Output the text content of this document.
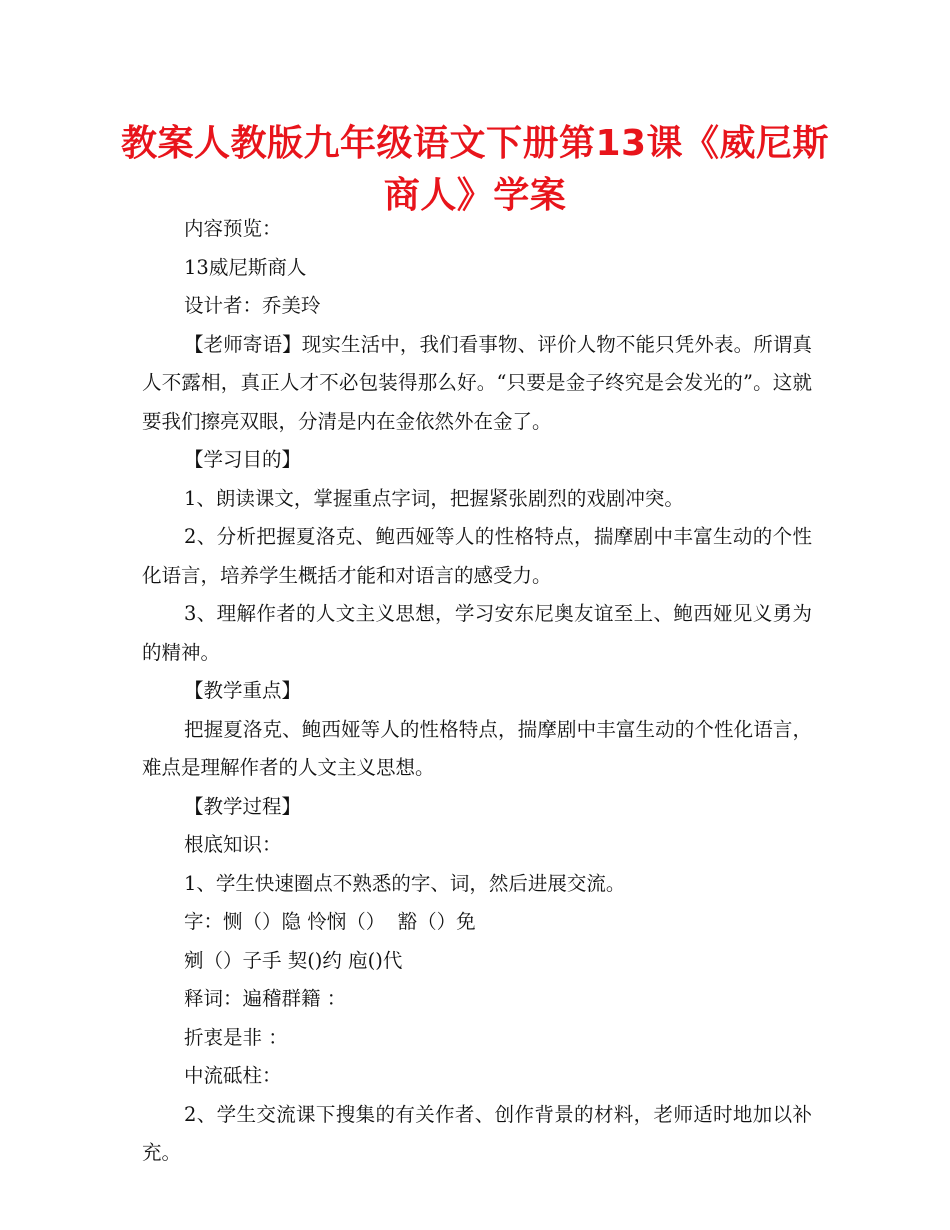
教案人教版九年级语文下册第13课《威尼斯商人》学案

内容预览：

13威尼斯商人

设计者：乔美玲

【老师寄语】现实生活中，我们看事物、评价人物不能只凭外表。所谓真人不露相，真正人才不必包装得那么好。“只要是金子终究是会发光的”。这就要我们擦亮双眼，分清是内在金依然外在金了。

【学习目的】

1、朗读课文，掌握重点字词，把握紧张剧烈的戏剧冲突。

2、分析把握夏洛克、鲍西娅等人的性格特点，揣摩剧中丰富生动的个性化语言，培养学生概括才能和对语言的感受力。

3、理解作者的人文主义思想，学习安东尼奥友谊至上、鲍西娅见义勇为的精神。

【教学重点】

把握夏洛克、鲍西娅等人的性格特点，揣摩剧中丰富生动的个性化语言，难点是理解作者的人文主义思想。

【教学过程】

根底知识：

1、学生快速圈点不熟悉的字、词，然后进展交流。

字：恻（）隐 怜悯（）  豁（）免

剜（）子手 契()约 庖()代

释词：遍稽群籍 ：

折衷是非 ：

中流砥柱：

2、学生交流课下搜集的有关作者、创作背景的材料，老师适时地加以补充。
